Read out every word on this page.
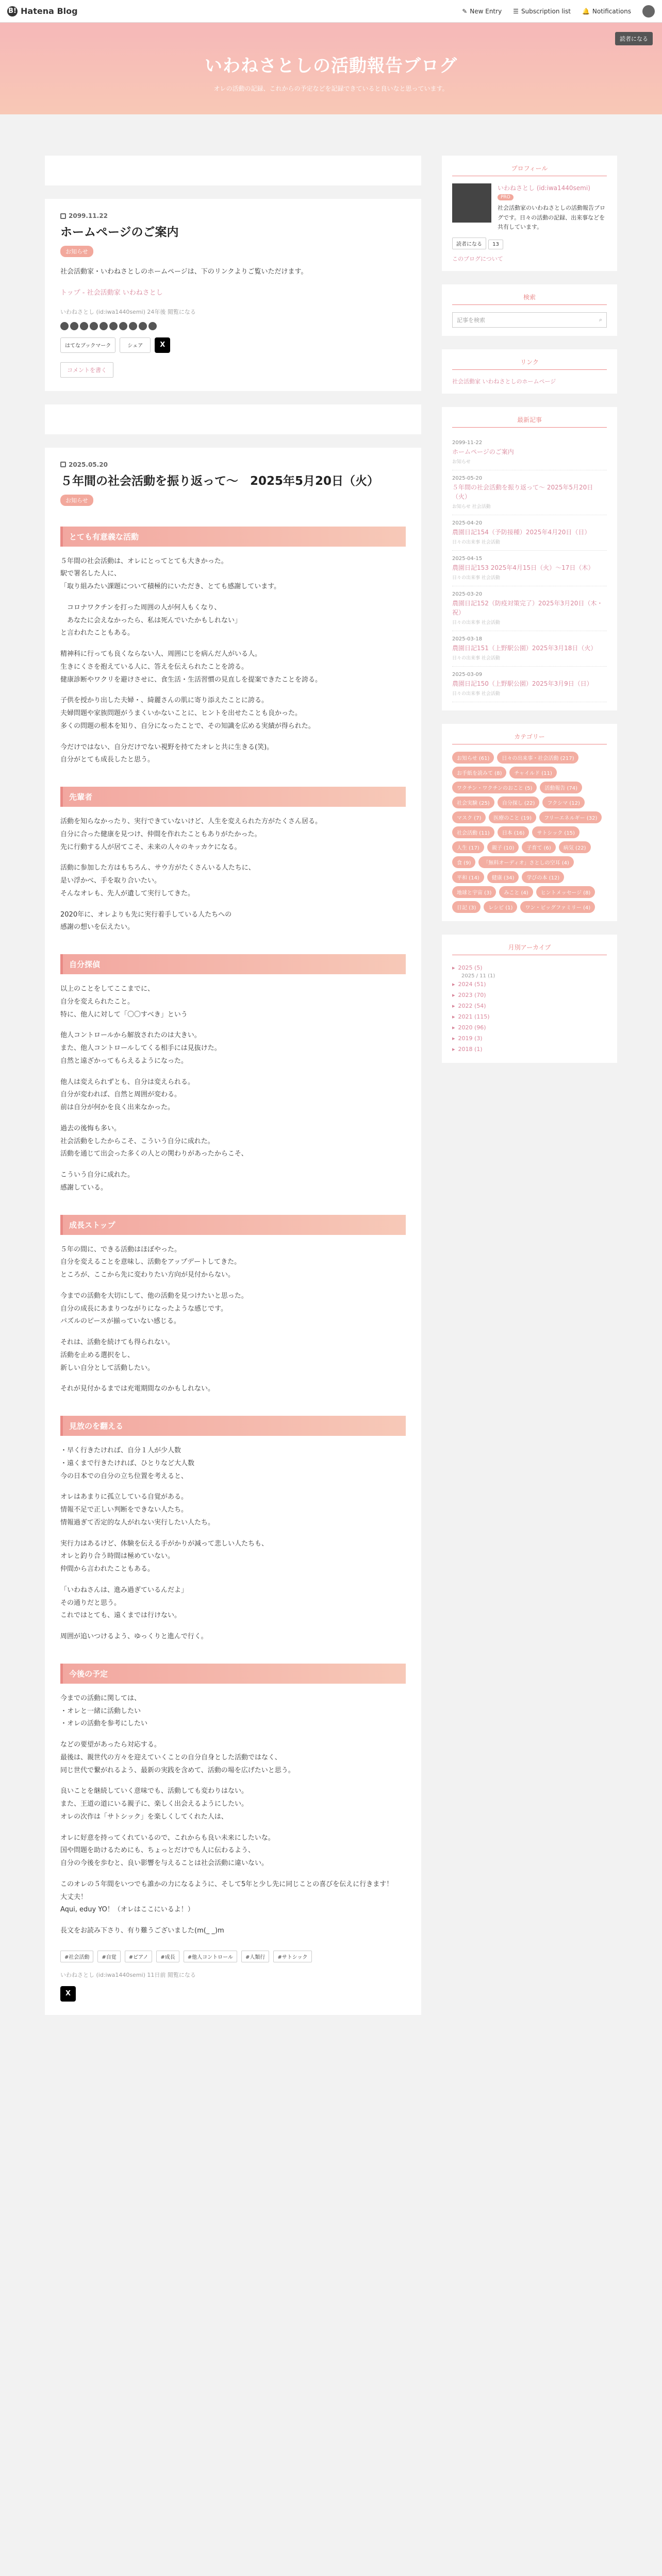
B! Hatena Blog	✎ New Entry ☰ Subscription list 🔔 Notifications
いわねさとしの活動報告ブログ
オレの活動の記録、これからの予定などを記録できていると良いなと思っています。
読者になる
2099.11.22
ホームページのご案内
お知らせ

社会活動家・いわねさとしのホームページは、下のリンクよりご覧いただけます。

トップ - 社会活動家 いわねさとし

いわねさとし (id:iwa1440semi) 24年後 閲覧になる
はてなブックマーク	シェア	X
コメントを書く
2025.05.20
５年間の社会活動を振り返って〜　2025年5月20日（火）
お知らせ
とても有意義な活動

５年間の社会活動は、オレにとってとても大きかった。

駅で署名した人に、

「取り組みたい課題について積極的にいただき、とても感謝しています。

　コロナワクチンを打った周囲の人が何人もくなり、

　あなたに会えなかったら、私は死んでいたかもしれない」

と言われたこともある。

精神科に行っても良くならない人、周囲にじを病んだ人がいる人。

生きにくさを抱えている人に、答えを伝えられたことを誇る。

健康診断やワクリを避けさせに、食生活・生活習慣の見直しを提案できたことを誇る。

子供を授かり出した夫婦・、綺麗さんの肌に寄り添えたことに誇る。

夫婦問題や家族問題がうまくいかないことに、ヒントを出せたことも良かった。

多くの問題の根本を知り、自分になったことで、その知識を広める実績が得られた。

今だけではない、自分だけでない視野を持てたオレと共に生きる(笑)。

自分がとても成長したと思う。

先輩者

活動を知らなかったり、実行できていないけど、人生を変えられた方がたくさん居る。

自分に合った健康を見つけ、仲間を作れたこともありがたかった。

先に行動する人が居てこそ、未来の人々のキッカケになる。

活動に参加した方はもちろん、サウ方がたくさんいる人たちに、

是い浮かべ、手を取り合いたい。

そんなオレも、先人が遺して実行してきた。

2020年に、オレよりも先に実行着手している人たちへの

感謝の想いを伝えたい。

自分探偵

以上のことをしてここまでに、

自分を変えられたこと。

特に、他人に対して「〇〇すべき」という

他人コントロールから解放されたのは大きい。

また、他人コントロールしてくる相手には見抜けた。

自然と遠ざかってもらえるようになった。

他人は変えられずとも、自分は変えられる。

自分が変われば、自然と周囲が変わる。

前は自分が何かを良く出来なかった。

過去の後悔も多い。

社会活動をしたからこそ、こういう自分に成れた。

活動を通じて出会った多くの人との関わりがあったからこそ、

こういう自分に成れた。

感謝している。

成長ストップ

５年の間に、できる活動はほぼやった。

自分を変えることを意味し、活動をアップデートしてきた。

ところが、ここから先に変わりたい方向が見付からない。

今までの活動を大切にして、他の活動を見つけたいと思った。

自分の成長にあまりつながりになったような感じです。

パズルのピースが揃っていない感じる。

それは、活動を続けても得られない。

活動を止める選択をし、

新しい自分として活動したい。

それが見付かるまでは充電期間なのかもしれない。

見放のを翻える

・早く行きたければ、自分１人が少人数

・遠くまで行きたければ、ひとりなど大人数

今の日本での自分の立ち位置を考えると、

オレはあまりに孤立している自覚がある。

情報不足で正しい判断をできない人たち。

情報過ぎて否定的な人がれない実行したい人たち。

実行力はあるけど、体験を伝える手がかりが減って悲しい人たちも、

オレと釣り合う時間は極めていない。

仲間から言われたこともある。

「いわねさんは、進み過ぎているんだよ」

その通りだと思う。

これではとても、遠くまでは行けない。

周囲が追いつけるよう、ゆっくりと進んで行く。

今後の予定

今までの活動に関しては、

・オレと一緒に活動したい

・オレの活動を参考にしたい

などの要望があったら対応する。

最後は、親世代の方々を迎えていくことの自分自身とした活動ではなく、

同じ世代で繋がれるよう、最新の実践を含めて、活動の場を広げたいと思う。

良いことを継続していく意味でも、活動しても変わりはない。

また、王道の道にいる親子に、楽しく出会えるようにしたい。

オレの次作は「サトシック」を楽しくしてくれた人は、

オレに好意を持ってくれているので、これからも良い未来にしたいな。

国や問題を助けるためにも、ちょっとだけでも人に伝わるよう、

自分の今後を歩むと、良い影響を与えることは社会活動に違いない。

このオレの５年間をいつでも誰かの力になるように、そして5年と少し先に同じことの喜びを伝えに行きます！

大丈夫！

Aqui, eduy YO！（オレはここにいるよ！）

長文をお読み下さり、有り難うございました(m(_ _)m

#社会活動	#自覚	#ピアノ	#成長	#他人コントロール	#人類行	#サトシック
いわねさとし (id:iwa1440semi) 11日前 閲覧になる
X
プロフィール
いわねさとし (id:iwa1440semi)
PRO
社会活動家のいわねさとしの活動報告ブログです。日々の活動の記録、出来事などを共有しています。
読者になる 13
このブログについて
検索
記事を検索	⌕
リンク
社会活動家 いわねさとしのホームページ
最新記事
2099-11-22
ホームページのご案内
お知らせ
2025-05-20
５年間の社会活動を振り返って〜 2025年5月20日（火）
お知らせ 社会活動
2025-04-20
農園日記154（予防接種）2025年4月20日（日）
日々の出来事 社会活動
2025-04-15
農園日記153 2025年4月15日（火）〜17日（木）
日々の出来事 社会活動
2025-03-20
農園日記152（防疫対策完了）2025年3月20日（木・祝）
日々の出来事 社会活動
2025-03-18
農園日記151（上野駅公園）2025年3月18日（火）
日々の出来事 社会活動
2025-03-09
農園日記150（上野駅公園）2025年3月9日（日）
日々の出来事 社会活動
カテゴリー
お知らせ (61)	日々の出来事・社会活動 (217)
お手紙を読みて (8)	チャイルド (11)
ワクチン・ワクチンのおこと (5)	活動報告 (74)
社会実験 (25)	自分探し (22)	フクシマ (12)
マスク (7)	医療のこと (19)	フリーエネルギー (32)
社会活動 (11)	日本 (16)	サトシック (15)
人生 (17)	親子 (10)	子育て (6)	病気 (22)
食 (9)	「無料オーディオ」さとしの空耳 (4)
平和 (14)	健康 (34)	学びの本 (12)
地球と宇宙 (3)	みこと (4)	ヒントメッセージ (8)
日記 (3)	レシピ (1)	ワン・ビッグファミリー (4)
月別アーカイブ
▸ 2025 (5)
2025 / 11 (1)
▸ 2024 (51)
▸ 2023 (70)
▸ 2022 (54)
▸ 2021 (115)
▸ 2020 (96)
▸ 2019 (3)
▸ 2018 (1)
